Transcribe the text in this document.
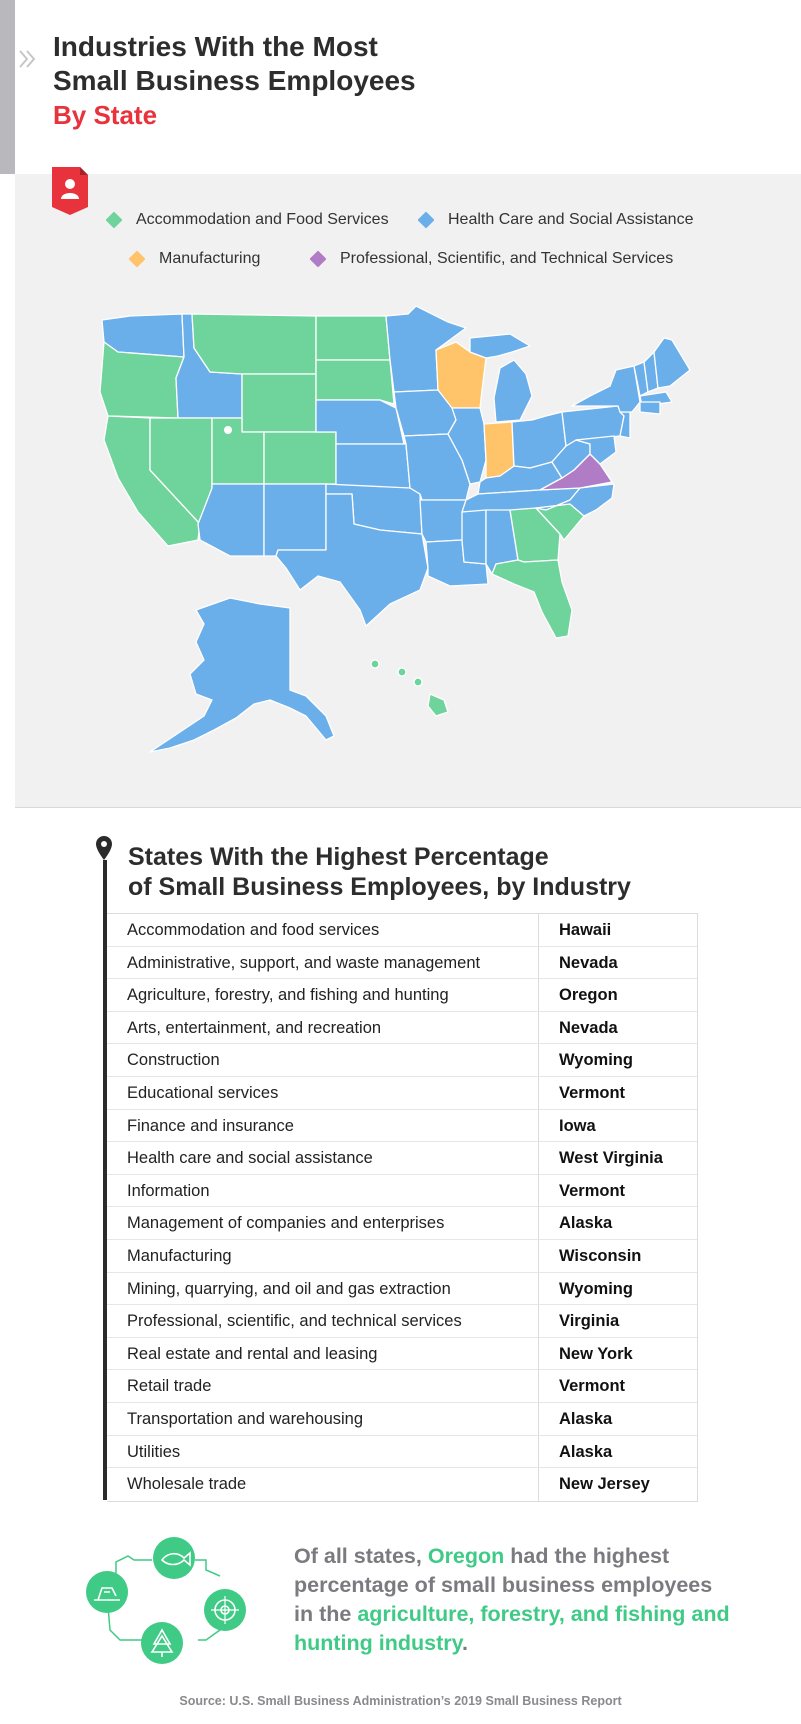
Industries With the Most
Small Business Employees
By State
Accommodation and Food Services	Health Care and Social Assistance
Manufacturing	Professional, Scientific, and Technical Services
States With the Highest Percentage
of Small Business Employees, by Industry
Accommodation and food services	Hawaii
Administrative, support, and waste management	Nevada
Agriculture, forestry, and fishing and hunting	Oregon
Arts, entertainment, and recreation	Nevada
Construction	Wyoming
Educational services	Vermont
Finance and insurance	Iowa
Health care and social assistance	West Virginia
Information	Vermont
Management of companies and enterprises	Alaska
Manufacturing	Wisconsin
Mining, quarrying, and oil and gas extraction	Wyoming
Professional, scientific, and technical services	Virginia
Real estate and rental and leasing	New York
Retail trade	Vermont
Transportation and warehousing	Alaska
Utilities	Alaska
Wholesale trade	New Jersey
Of all states, Oregon had the highest percentage of small business employees in the agriculture, forestry, and fishing and hunting industry.
Source: U.S. Small Business Administration’s 2019 Small Business Report
